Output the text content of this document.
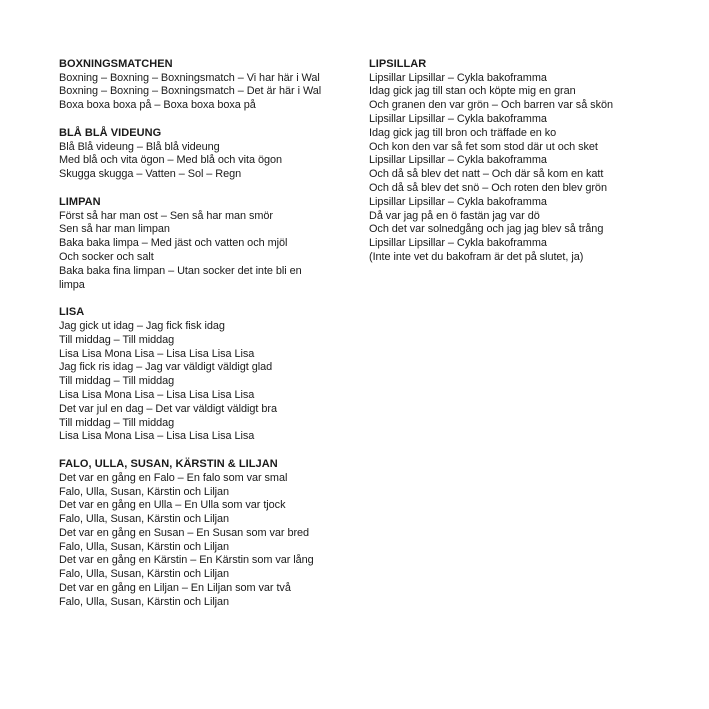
BOXNINGSMATCHEN
Boxning – Boxning – Boxningsmatch – Vi har här i Wal
Boxning – Boxning – Boxningsmatch – Det är här i Wal
Boxa boxa boxa på – Boxa boxa boxa på
BLÅ BLÅ VIDEUNG
Blå Blå videung – Blå blå videung
Med blå och vita ögon – Med blå och vita ögon
Skugga skugga – Vatten – Sol – Regn
LIMPAN
Först så har man ost – Sen så har man smör
Sen så har man limpan
Baka baka limpa – Med jäst och vatten och mjöl
Och socker och salt
Baka baka fina limpan – Utan socker det inte bli en
limpa
LISA
Jag gick ut idag – Jag fick fisk idag
Till middag – Till middag
Lisa Lisa Mona Lisa – Lisa Lisa Lisa Lisa
Jag fick ris idag – Jag var väldigt väldigt glad
Till middag – Till middag
Lisa Lisa Mona Lisa – Lisa Lisa Lisa Lisa
Det var jul en dag – Det var väldigt väldigt bra
Till middag – Till middag
Lisa Lisa Mona Lisa – Lisa Lisa Lisa Lisa
FALO, ULLA, SUSAN, KÄRSTIN & LILJAN
Det var en gång en Falo – En falo som var smal
Falo, Ulla, Susan, Kärstin och Liljan
Det var en gång en Ulla – En Ulla som var tjock
Falo, Ulla, Susan, Kärstin och Liljan
Det var en gång en Susan – En Susan som var bred
Falo, Ulla, Susan, Kärstin och Liljan
Det var en gång en Kärstin – En Kärstin som var lång
Falo, Ulla, Susan, Kärstin och Liljan
Det var en gång en Liljan – En Liljan som var två
Falo, Ulla, Susan, Kärstin och Liljan
LIPSILLAR
Lipsillar Lipsillar – Cykla bakoframma
Idag gick jag till stan och köpte mig en gran
Och granen den var grön – Och barren var så skön
Lipsillar Lipsillar – Cykla bakoframma
Idag gick jag till bron och träffade en ko
Och kon den var så fet som stod där ut och sket
Lipsillar Lipsillar – Cykla bakoframma
Och då så blev det natt – Och där så kom en katt
Och då så blev det snö – Och roten den blev grön
Lipsillar Lipsillar – Cykla bakoframma
Då var jag på en ö fastän jag var dö
Och det var solnedgång och jag jag blev så trång
Lipsillar Lipsillar – Cykla bakoframma
(Inte inte vet du bakofram är det på slutet, ja)
